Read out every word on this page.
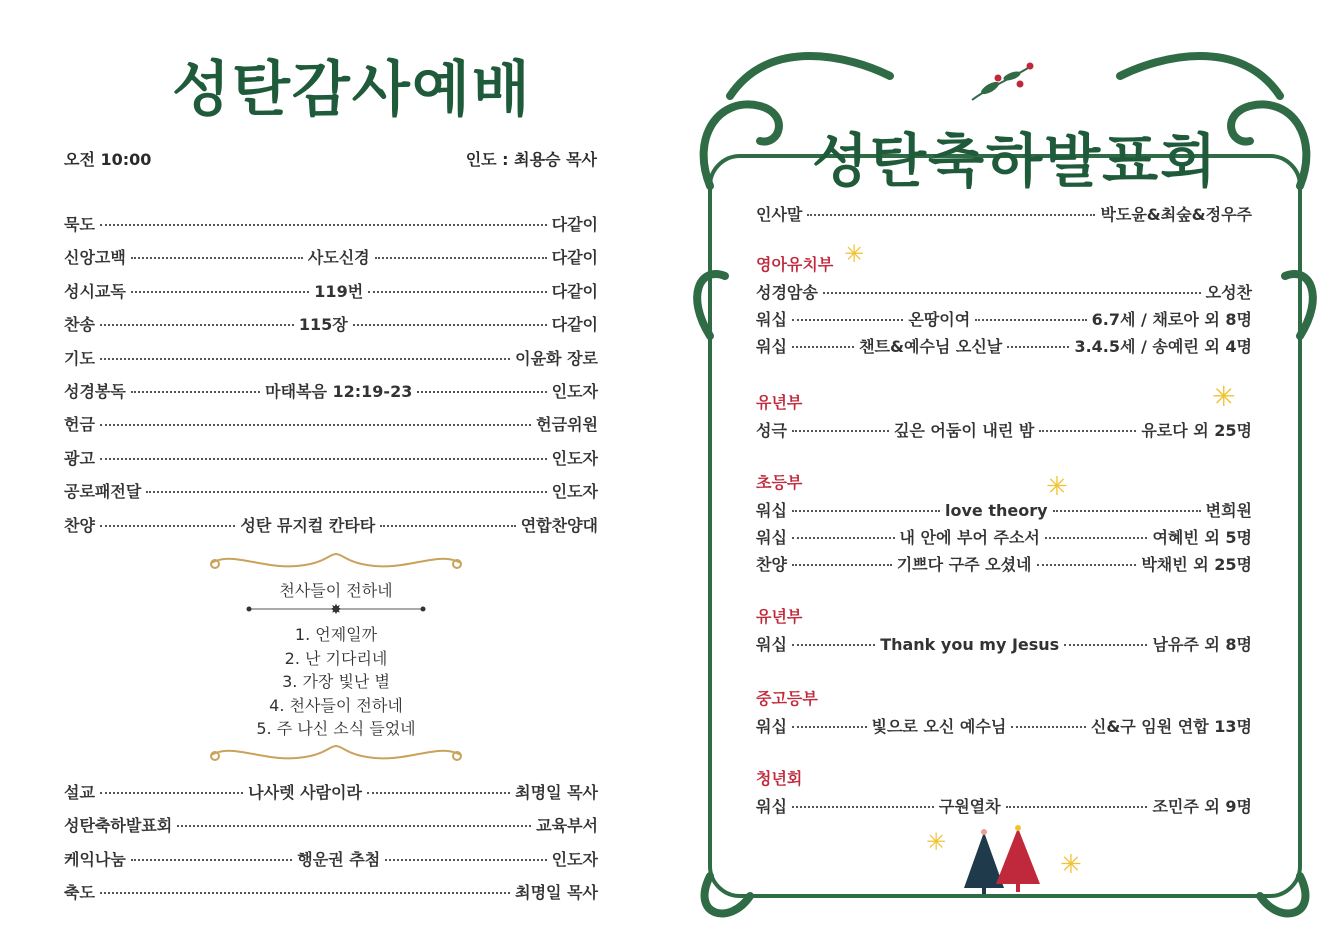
성탄감사예배
오전 10:00	인도 : 최용승 목사
묵도	다같이
신앙고백	사도신경	다같이
성시교독	119번	다같이
찬송	115장	다같이
기도	이윤화 장로
성경봉독	마태복음 12:19-23	인도자
헌금	헌금위원
광고	인도자
공로패전달	인도자
찬양	성탄 뮤지컬 칸타타	연합찬양대
천사들이 전하네
✸
1. 언제일까
2. 난 기다리네
3. 가장 빛난 별
4. 천사들이 전하네
5. 주 나신 소식 들었네
설교	나사렛 사람이라	최명일 목사
성탄축하발표회	교육부서
케익나눔	행운권 추첨	인도자
축도	최명일 목사
성탄축하발표회
인사말	박도윤&최숲&정우주
영아유치부
성경암송	오성찬
워십	온땅이여	6.7세 / 채로아 외 8명
워십	챈트&예수님 오신날	3.4.5세 / 송예린 외 4명
유년부
성극	깊은 어둠이 내린 밤	유로다 외 25명
초등부
워십	love theory	변희원
워십	내 안에 부어 주소서	여혜빈 외 5명
찬양	기쁘다 구주 오셨네	박채빈 외 25명
유년부
워십	Thank you my Jesus	남유주 외 8명
중고등부
워십	빛으로 오신 예수님	신&구 임원 연합 13명
청년회
워십	구원열차	조민주 외 9명
✳
✳
✳
✳
✳
